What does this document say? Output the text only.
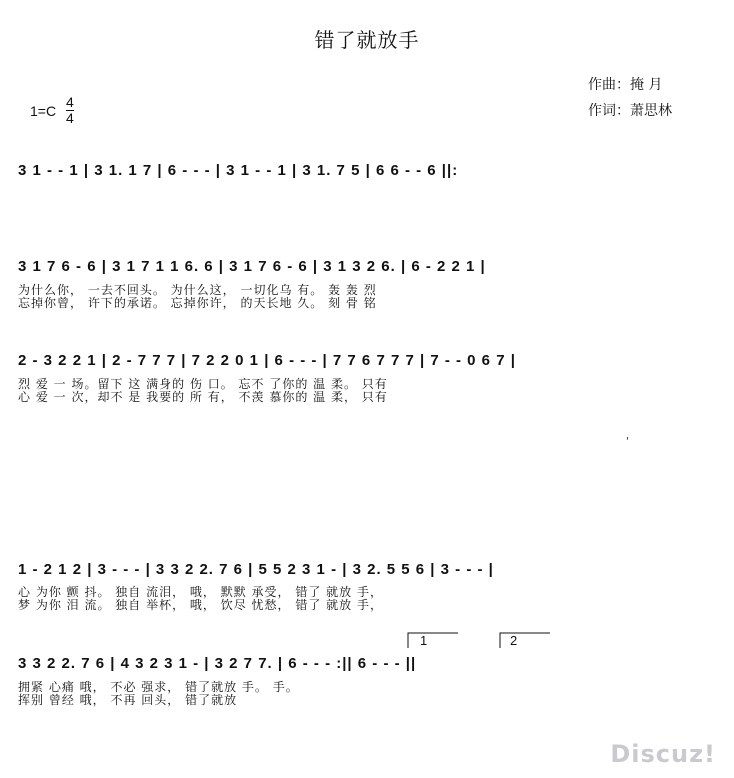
错了就放手
作曲：掩 月
作词：萧思林
$1=C \frac{4}{4}$
3 1 - - 1 | 3 1. 1 7 | 6 - - - | 3 1 - - 1 | 3 1. 7 5 | 6 6 - - 6 ||:
3 1 7 6 - 6 | 3 1 7 1 1 6. 6 | 3 1 7 6 - 6 | 3 1 3 2 6. | 6 - 2 2 1 |
为什么你， 一去不回头。 为什么这， 一切化乌 有。 轰 轰 烈
忘掉你曾， 许下的承诺。 忘掉你许， 的天长地 久。 刻 骨 铭
2 - 3 2 2 1 | 2 - 7 7 7 | 7 2 2 0 1 | 6 - - - | 7 7 6 7 7 7 | 7 - - 0 6 7 |
烈 爱 一 场。留下 这 满身的 伤 口。 忘不 了你的 温 柔。 只有
心 爱 一 次，却不 是 我要的 所 有， 不羡 慕你的 温 柔， 只有
'
1 - 2 1 2 | 3 - - - | 3 3 2 2. 7 6 | 5 5 2 3 1 - | 3 2. 5 5 6 | 3 - - - |
心 为你 颤 抖。 独自 流泪， 哦， 默默 承受， 错了 就放 手，
梦 为你 泪 流。 独自 举杯， 哦， 饮尽 忧愁， 错了 就放 手，
3 3 2 2. 7 6 | 4 3 2 3 1 - | 3 2 7 7. | 6 - - - :|| 6 - - - ||
拥紧 心痛 哦， 不必 强求， 错了就放 手。 手。
挥别 曾经 哦， 不再 回头， 错了就放
1	2
Discuz!
